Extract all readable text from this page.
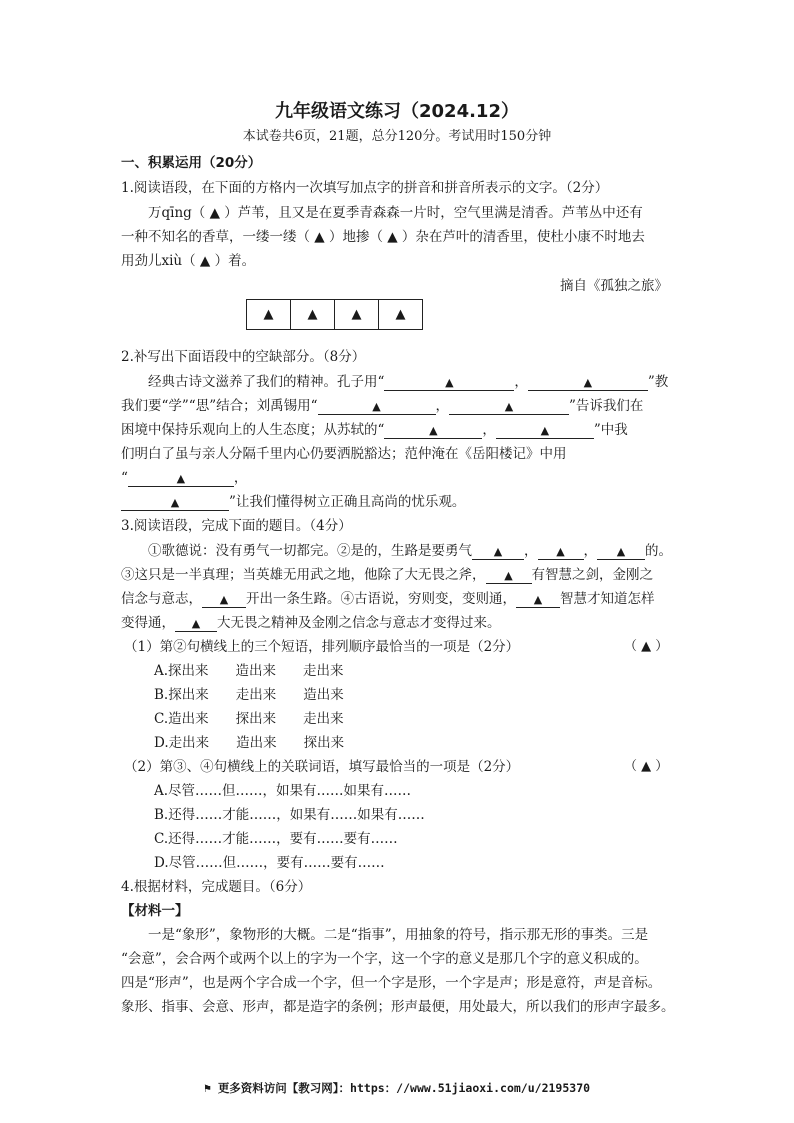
九年级语文练习（2024.12）
本试卷共6页，21题，总分120分。考试用时150分钟
一、积累运用（20分）
1.阅读语段，在下面的方格内一次填写加点字的拼音和拼音所表示的文字。（2分）
万qīng（ ▲ ）芦苇，且又是在夏季青森森一片时，空气里满是清香。芦苇丛中还有
一种不知名的香草，一缕一缕（ ▲ ）地掺（ ▲ ）杂在芦叶的清香里，使杜小康不时地去
用劲儿xiù（ ▲ ）着。
摘自《孤独之旅》
▲	▲	▲	▲
2.补写出下面语段中的空缺部分。（8分）
经典古诗文滋养了我们的精神。孔子用“	▲	，	▲	”教
我们要“学”“思”结合；刘禹锡用“	▲	，	▲	”告诉我们在
困境中保持乐观向上的人生态度；从苏轼的“	▲	，	▲	”中我
们明白了虽与亲人分隔千里内心仍要洒脱豁达；范仲淹在《岳阳楼记》中用
“	▲	，
▲	”让我们懂得树立正确且高尚的忧乐观。
3.阅读语段，完成下面的题目。（4分）
①歌德说：没有勇气一切都完。②是的，生路是要勇气 ▲ ， ▲ ， ▲ 的。
③这只是一半真理；当英雄无用武之地，他除了大无畏之斧， ▲ 有智慧之剑，金刚之
信念与意志， ▲ 开出一条生路。④古语说，穷则变，变则通， ▲ 智慧才知道怎样
变得通， ▲ 大无畏之精神及金刚之信念与意志才变得过来。
（1）第②句横线上的三个短语，排列顺序最恰当的一项是（2分）	（ ▲ ）
A.探出来　　造出来　　走出来
B.探出来　　走出来　　造出来
C.造出来　　探出来　　走出来
D.走出来　　造出来　　探出来
（2）第③、④句横线上的关联词语，填写最恰当的一项是（2分）	（ ▲ ）
A.尽管……但……，如果有……如果有……
B.还得……才能……，如果有……如果有……
C.还得……才能……，要有……要有……
D.尽管……但……，要有……要有……
4.根据材料，完成题目。（6分）
【材料一】
一是“象形”，象物形的大概。二是“指事”，用抽象的符号，指示那无形的事类。三是
“会意”，会合两个或两个以上的字为一个字，这一个字的意义是那几个字的意义积成的。
四是“形声”，也是两个字合成一个字，但一个字是形，一个字是声；形是意符，声是音标。
象形、指事、会意、形声，都是造字的条例；形声最便，用处最大，所以我们的形声字最多。
⚑ 更多资料访问【教习网】：https：//www.51jiaoxi.com/u/2195370
